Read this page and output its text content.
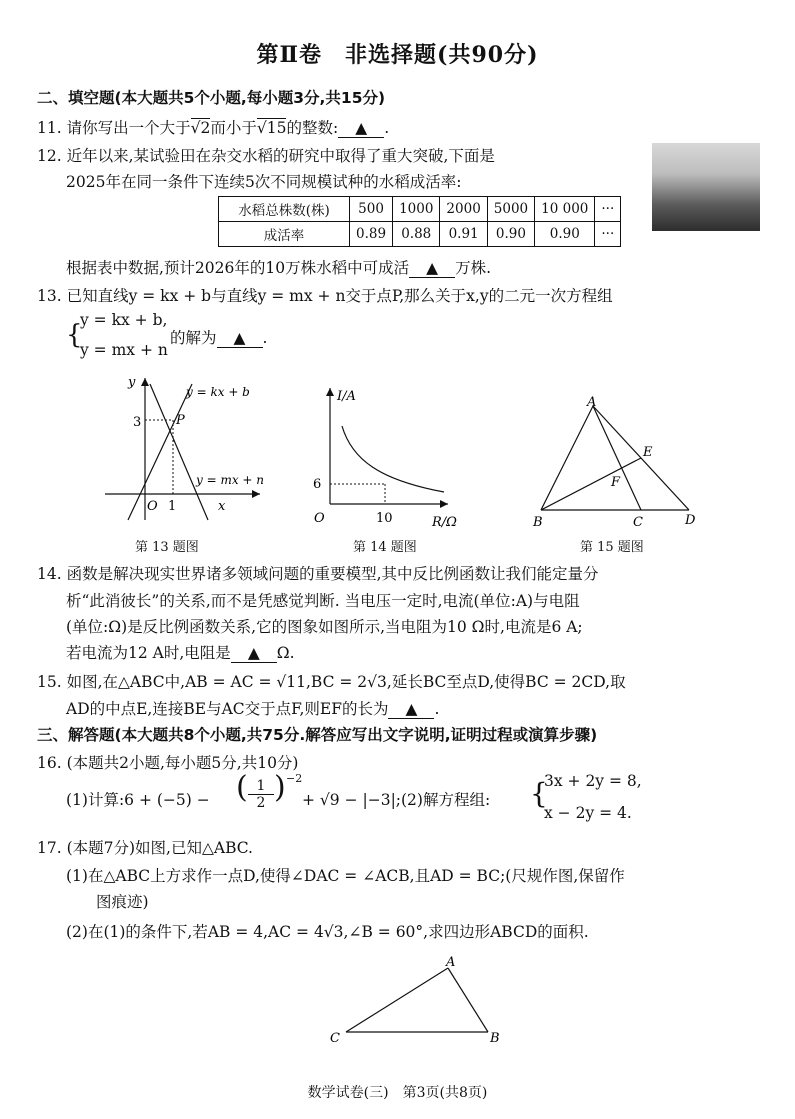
第Ⅱ卷　非选择题(共90分)
二、填空题(本大题共5个小题,每小题3分,共15分)
11. 请你写出一个大于√2而小于√15的整数: ▲ .
12. 近年以来,某试验田在杂交水稻的研究中取得了重大突破,下面是
2025年在同一条件下连续5次不同规模试种的水稻成活率:
水稻总株数(株)	500	1000	2000	5000	10 000	···
成活率	0.89	0.88	0.91	0.90	0.90	···
根据表中数据,预计2026年的10万株水稻中可成活 ▲ 万株.
13. 已知直线y = kx + b与直线y = mx + n交于点P,那么关于x,y的二元一次方程组
{
y = kx + b,
y = mx + n
的解为 ▲ .
y
x
y = kx + b
y = mx + n
P
3
1
O
第 13 题图
I/A
R/Ω
6
10
O
第 14 题图
A
B	C	D
E
F
第 15 题图
14. 函数是解决现实世界诸多领域问题的重要模型,其中反比例函数让我们能定量分
析“此消彼长”的关系,而不是凭感觉判断. 当电压一定时,电流(单位:A)与电阻
(单位:Ω)是反比例函数关系,它的图象如图所示,当电阻为10 Ω时,电流是6 A;
若电流为12 A时,电阻是 ▲ Ω.
15. 如图,在△ABC中,AB = AC = √11,BC = 2√3,延长BC至点D,使得BC = 2CD,取
AD的中点E,连接BE与AC交于点F,则EF的长为 ▲ .
三、解答题(本大题共8个小题,共75分.解答应写出文字说明,证明过程或演算步骤)
16. (本题共2小题,每小题5分,共10分)
(1)计算:6 + (−5) − ( $\frac{1}{2}$ ) −2
+ √9 − |−3|;(2)解方程组: {
3x + 2y = 8,
x − 2y = 4.
17. (本题7分)如图,已知△ABC.
(1)在△ABC上方求作一点D,使得∠DAC = ∠ACB,且AD = BC;(尺规作图,保留作
图痕迹)
(2)在(1)的条件下,若AB = 4,AC = 4√3,∠B = 60°,求四边形ABCD的面积.
A
B
C
数学试卷(三)　第3页(共8页)
